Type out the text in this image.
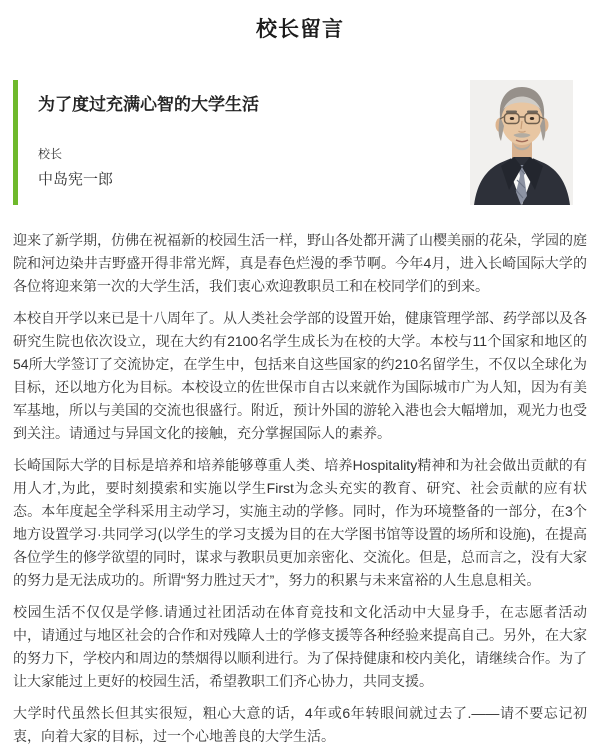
校长留言
为了度过充满心智的大学生活
校长
中岛宪一郎

迎来了新学期，仿佛在祝福新的校园生活一样，野山各处都开满了山樱美丽的花朵，学园的庭院和河边染井吉野盛开得非常光辉，真是春色烂漫的季节啊。今年4月，进入长崎国际大学的各位将迎来第一次的大学生活，我们衷心欢迎教职员工和在校同学们的到来。

本校自开学以来已是十八周年了。从人类社会学部的设置开始，健康管理学部、药学部以及各研究生院也依次设立，现在大约有2100名学生成长为在校的大学。本校与11个国家和地区的54所大学签订了交流协定，在学生中，包括来自这些国家的约210名留学生，不仅以全球化为目标，还以地方化为目标。本校设立的佐世保市自古以来就作为国际城市广为人知，因为有美军基地，所以与美国的交流也很盛行。附近，预计外国的游轮入港也会大幅增加，观光力也受到关注。请通过与异国文化的接触，充分掌握国际人的素养。

长崎国际大学的目标是培养和培养能够尊重人类、培养Hospitality精神和为社会做出贡献的有用人才,为此，要时刻摸索和实施以学生First为念头充实的教育、研究、社会贡献的应有状态。本年度起全学科采用主动学习，实施主动的学修。同时，作为环境整备的一部分，在3个地方设置学习·共同学习(以学生的学习支援为目的在大学图书馆等设置的场所和设施)，在提高各位学生的修学欲望的同时，谋求与教职员更加亲密化、交流化。但是，总而言之，没有大家的努力是无法成功的。所谓“努力胜过天才”，努力的积累与未来富裕的人生息息相关。

校园生活不仅仅是学修.请通过社团活动在体育竞技和文化活动中大显身手，在志愿者活动中，请通过与地区社会的合作和对残障人士的学修支援等各种经验来提高自己。另外，在大家的努力下，学校内和周边的禁烟得以顺利进行。为了保持健康和校内美化，请继续合作。为了让大家能过上更好的校园生活，希望教职工们齐心协力，共同支援。

大学时代虽然长但其实很短，粗心大意的话，4年或6年转眼间就过去了.——请不要忘记初衷，向着大家的目标，过一个心地善良的大学生活。
